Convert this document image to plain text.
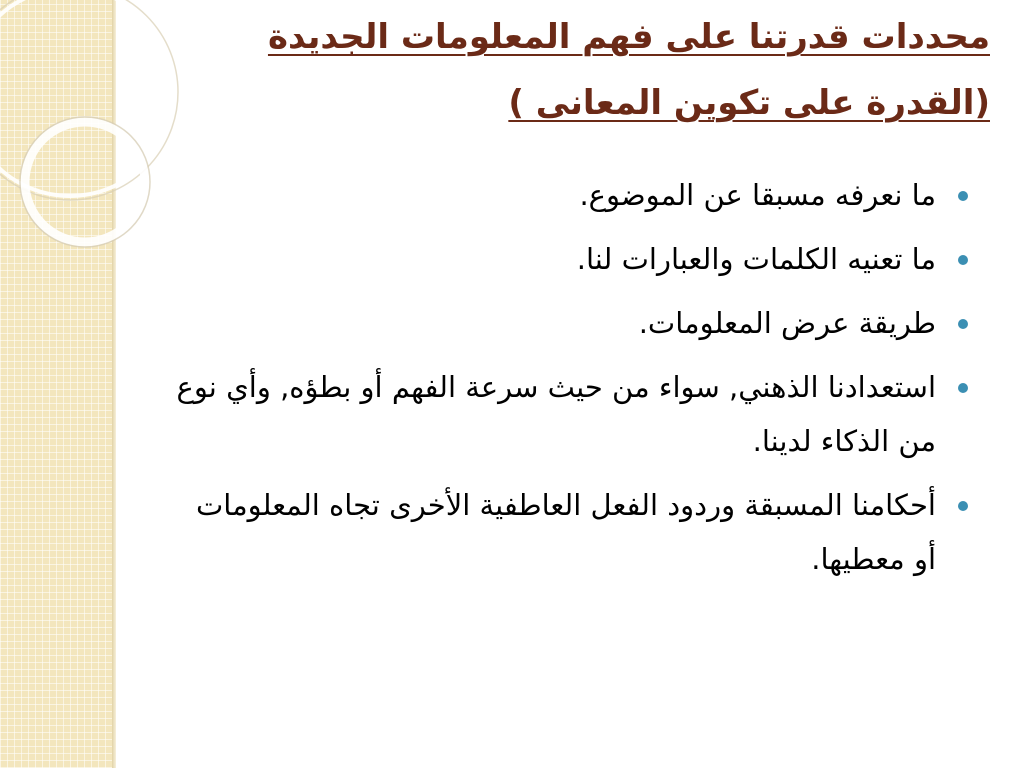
محددات قدرتنا على فهم المعلومات الجديدة
(القدرة على تكوين المعانى )
ما نعرفه مسبقا عن الموضوع.
ما تعنيه الكلمات والعبارات لنا.
طريقة عرض المعلومات.
استعدادنا الذهني, سواء من حيث سرعة الفهم أو بطؤه, وأي نوع من الذكاء لدينا.
أحكامنا المسبقة وردود الفعل العاطفية الأخرى تجاه المعلومات أو معطيها.
